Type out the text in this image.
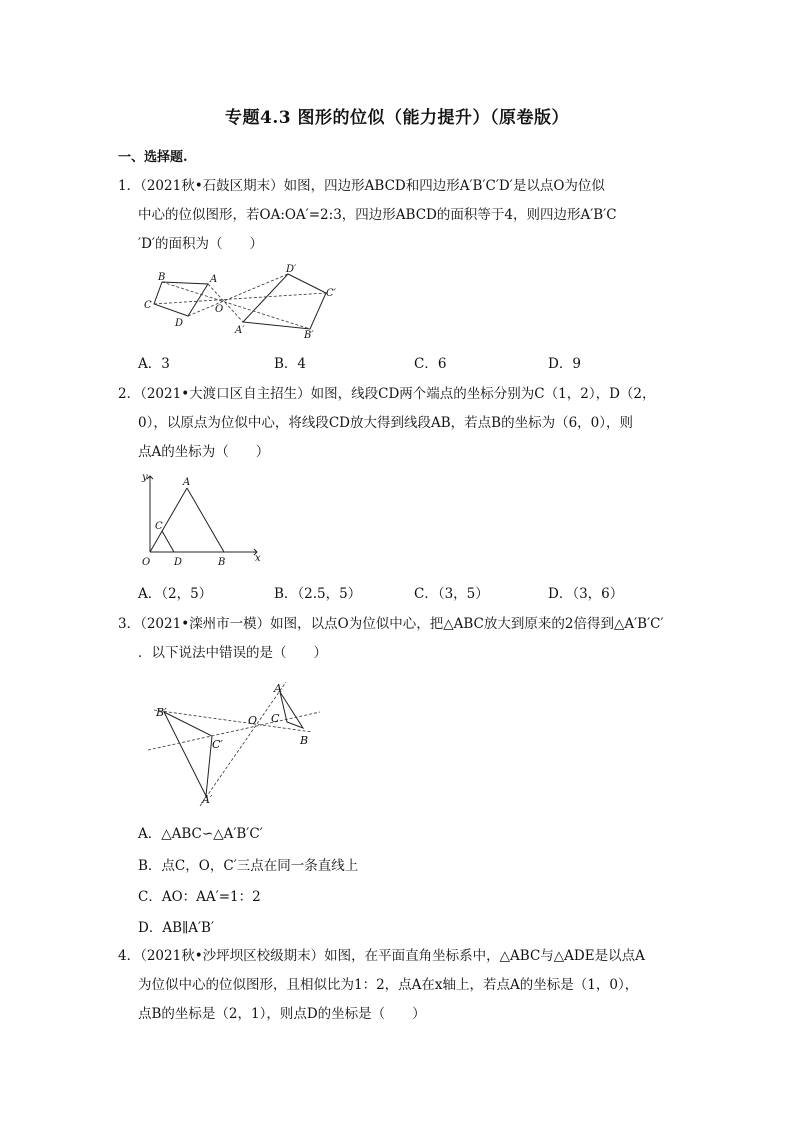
专题4.3 图形的位似（能力提升）（原卷版）
一、选择题.
1．（2021秋•石鼓区期末）如图，四边形ABCD和四边形A′B′C′D′是以点O为位似
中心的位似图形，若OA:OA′=2:3，四边形ABCD的面积等于4，则四边形A′B′C
′D′的面积为（　　）
B	A
C
D
O
D′
C′
A′	B′
A．3	B．4	C．6	D．9
2．（2021•大渡口区自主招生）如图，线段CD两个端点的坐标分别为C（1，2），D（2，
0），以原点为位似中心，将线段CD放大得到线段AB，若点B的坐标为（6，0），则
点A的坐标为（　　）
y	A
C
O D	B	x
A．（2，5）	B．（2.5，5）	C．（3，5）	D．（3，6）
3．（2021•滦州市一模）如图，以点O为位似中心，把△ABC放大到原来的2倍得到△A′B′C′
．以下说法中错误的是（　　）
A
B′
O C
B
C′
A′
A．△ABC∽△A′B′C′
B．点C，O，C′三点在同一条直线上
C．AO：AA′=1：2
D．AB∥A′B′
4．（2021秋•沙坪坝区校级期末）如图，在平面直角坐标系中，△ABC与△ADE是以点A
为位似中心的位似图形，且相似比为1：2，点A在x轴上，若点A的坐标是（1，0），
点B的坐标是（2，1），则点D的坐标是（　　）
